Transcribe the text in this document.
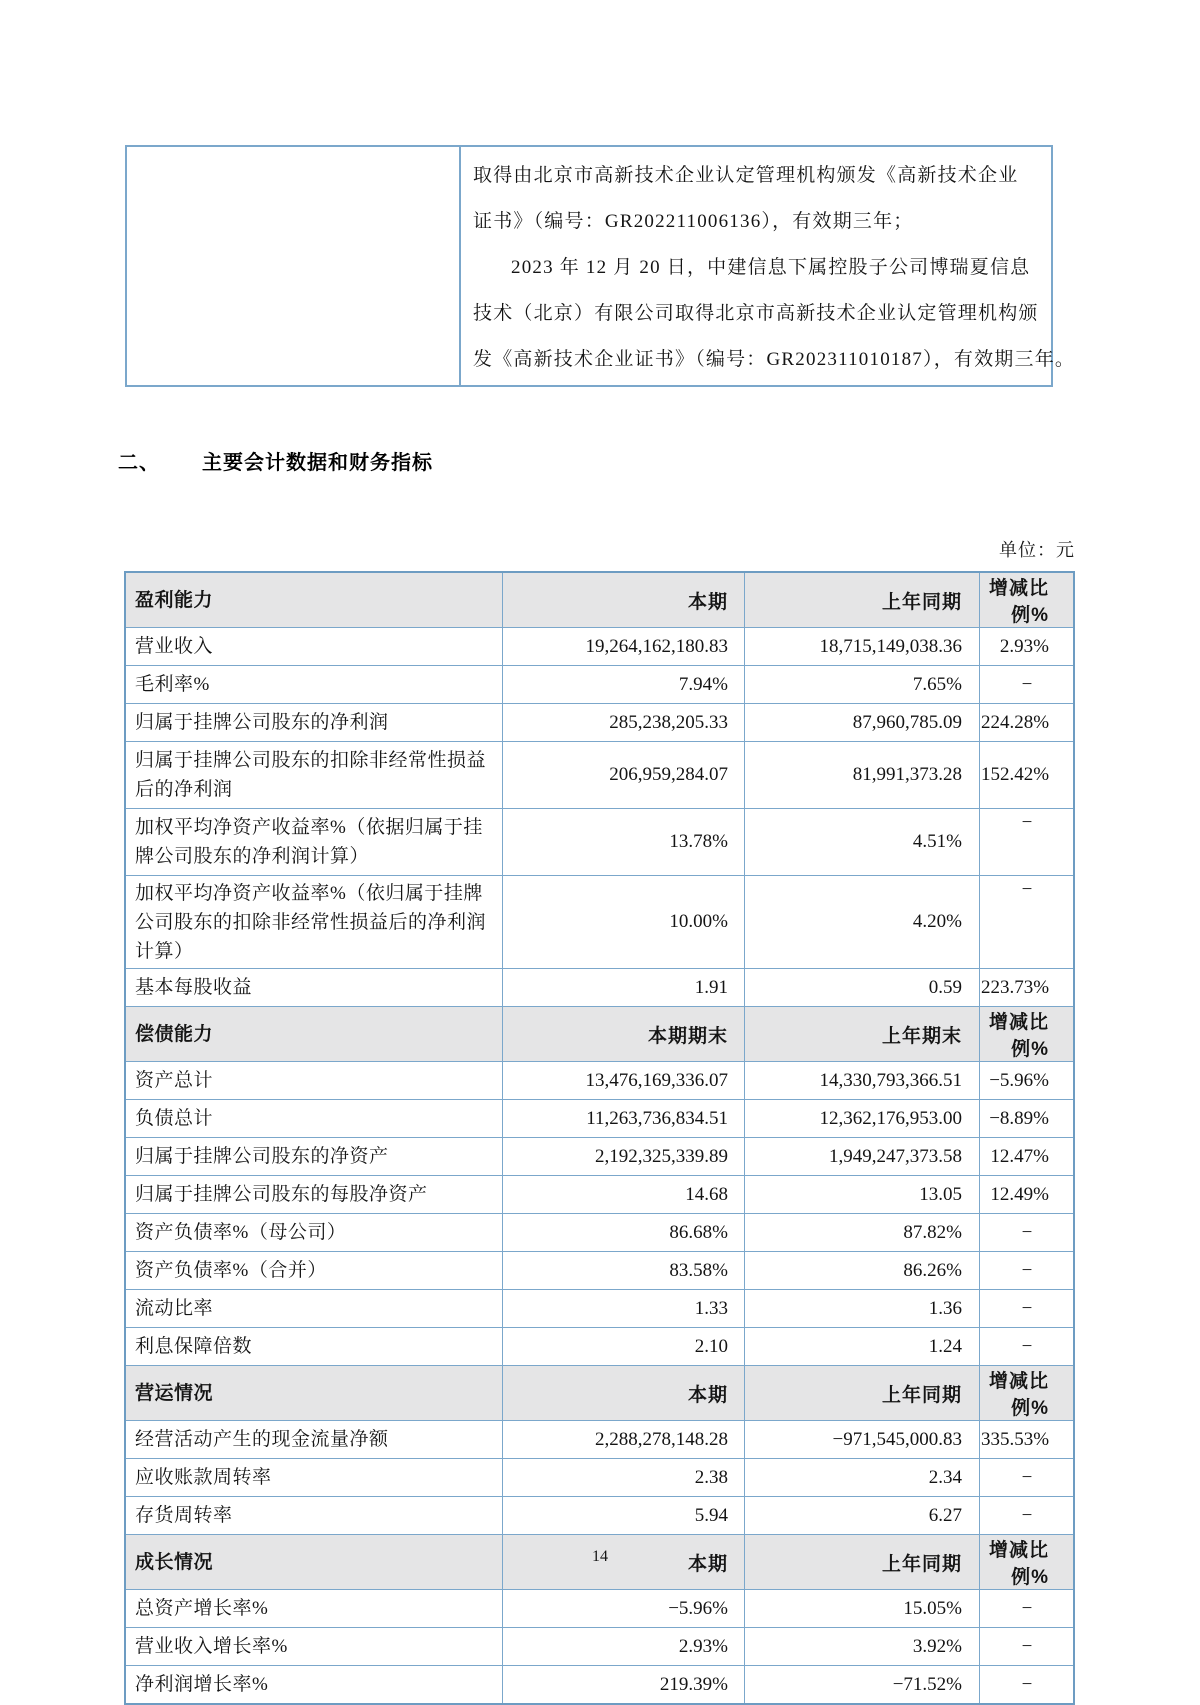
取得由北京市高新技术企业认定管理机构颁发《高新技术企业
证书》（编号：GR202211006136），有效期三年；
2023 年 12 月 20 日，中建信息下属控股子公司博瑞夏信息
技术（北京）有限公司取得北京市高新技术企业认定管理机构颁
发《高新技术企业证书》（编号：GR202311010187），有效期三年。
二、 主要会计数据和财务指标
单位：元
盈利能力	本期	上年同期	增减比例%
营业收入	19,264,162,180.83	18,715,149,038.36	2.93%
毛利率%	7.94%	7.65%	−
归属于挂牌公司股东的净利润	285,238,205.33	87,960,785.09	224.28%
归属于挂牌公司股东的扣除非经常性损益后的净利润	206,959,284.07	81,991,373.28	152.42%
加权平均净资产收益率%（依据归属于挂牌公司股东的净利润计算）	13.78%	4.51%	−
加权平均净资产收益率%（依归属于挂牌公司股东的扣除非经常性损益后的净利润计算）	10.00%	4.20%	−
基本每股收益	1.91	0.59	223.73%
偿债能力	本期期末	上年期末	增减比例%
资产总计	13,476,169,336.07	14,330,793,366.51	−5.96%
负债总计	11,263,736,834.51	12,362,176,953.00	−8.89%
归属于挂牌公司股东的净资产	2,192,325,339.89	1,949,247,373.58	12.47%
归属于挂牌公司股东的每股净资产	14.68	13.05	12.49%
资产负债率%（母公司）	86.68%	87.82%	−
资产负债率%（合并）	83.58%	86.26%	−
流动比率	1.33	1.36	−
利息保障倍数	2.10	1.24	−
营运情况	本期	上年同期	增减比例%
经营活动产生的现金流量净额	2,288,278,148.28	−971,545,000.83	335.53%
应收账款周转率	2.38	2.34	−
存货周转率	5.94	6.27	−
成长情况	本期	上年同期	增减比例%
总资产增长率%	−5.96%	15.05%	−
营业收入增长率%	2.93%	3.92%	−
净利润增长率%	219.39%	−71.52%	−
14
